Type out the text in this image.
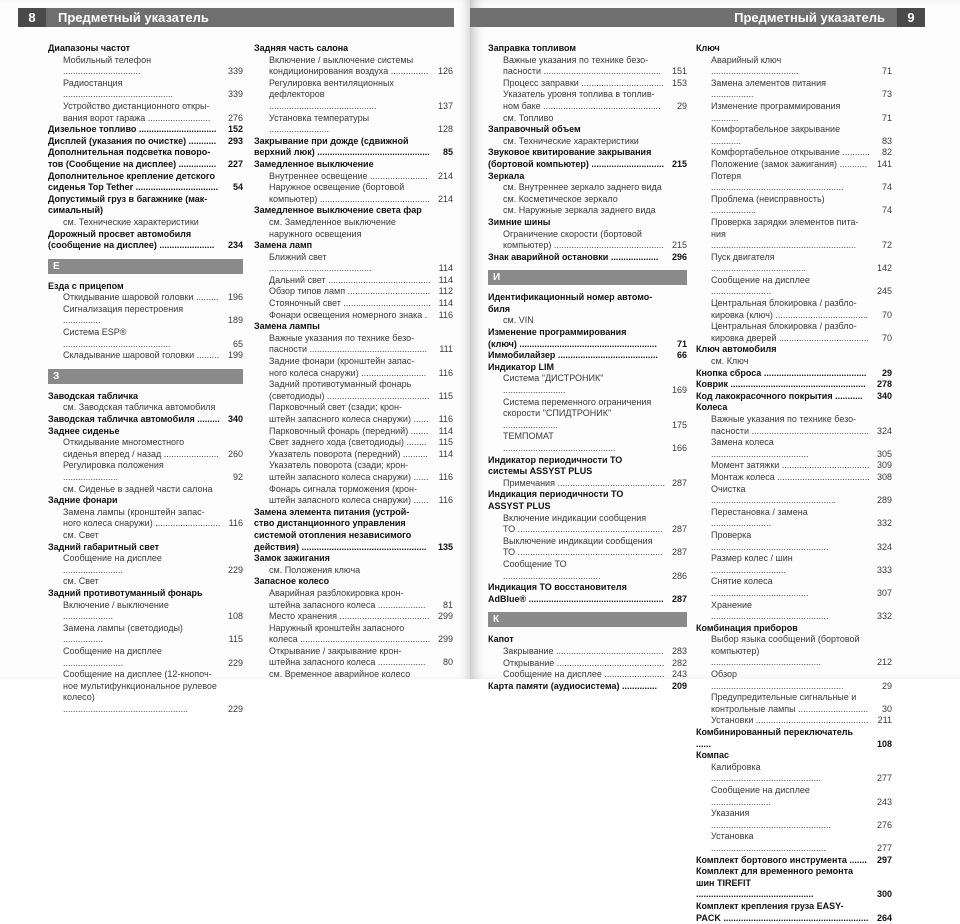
8	Предметный указатель
Диапазоны частот
Мобильный телефон ...............................	339
Радиостанция ............................................	339
Устройство дистанционного откры-
вания ворот гаража .........................	276
Дизельное топливо ...............................	152
Дисплей (указания по очистке) ...........	293
Дополнительная подсветка поворо-
тов (Сообщение на дисплее) ...............	227
Дополнительное крепление детского
сиденья Top Tether .................................	54
Допустимый груз в багажнике (мак-
симальный)
см. Технические характеристики
Дорожный просвет автомобиля
(сообщение на дисплее) ......................	234
Е
Езда с прицепом
Откидывание шаровой головки .........	196
Сигнализация перестроения ...............	189
Система ESP® ...........................................	65
Складывание шаровой головки ......... 199
З
Заводская табличка
см. Заводская табличка автомобиля
Заводская табличка автомобиля ......... 340
Заднее сиденье
Откидывание многоместного
сиденья вперед / назад ......................	260
Регулировка положения ......................	92
см. Сиденье в задней части салона
Задние фонари
Замена лампы (кронштейн запас-
ного колеса снаружи) .......................... 116
см. Свет
Задний габаритный свет
Сообщение на дисплее ........................	229
см. Свет
Задний противотуманный фонарь
Включение / выключение ....................	108
Замена лампы (светодиоды) ................	115
Сообщение на дисплее ........................	229
Сообщение на дисплее (12-кнопоч-
ное мультифункциональное рулевое
колесо) ..................................................	229
Задняя часть салона
Включение / выключение системы
кондиционирования воздуха ...............	126
Регулировка вентиляционных
дефлекторов ...........................................	137
Установка температуры ........................	128
Закрывание при дожде (сдвижной
верхний люк) .............................................	85
Замедленное выключение
Внутреннее освещение .......................	214
Наружное освещение (бортовой
компьютер) ............................................ 214
Замедленное выключение света фар
см. Замедленное выключение
наружного освещения
Замена ламп
Ближний свет .........................................	114
Дальний свет ......................................... 114
Обзор типов ламп ................................. 112
Стояночный свет ................................... 114
Фонари освещения номерного знака .	116
Замена лампы
Важные указания по технике безо-
пасности ...............................................	111
Задние фонари (кронштейн запас-
ного колеса снаружи) ..........................	116
Задний противотуманный фонарь
(светодиоды) .........................................	115
Парковочный свет (сзади; крон-
штейн запасного колеса снаружи) ......	116
Парковочный фонарь (передний) .......	114
Свет заднего хода (светодиоды) ........	115
Указатель поворота (передний) ..........	114
Указатель поворота (сзади; крон-
штейн запасного колеса снаружи) ......	116
Фонарь сигнала торможения (крон-
штейн запасного колеса снаружи) ......	116
Замена элемента питания (устрой-
ство дистанционного управления
системой отопления независимого
действия) ..................................................	135
Замок зажигания
см. Положения ключа
Запасное колесо
Аварийная разблокировка крон-
штейна запасного колеса ...................	81
Место хранения .................................... 299
Наружный кронштейн запасного
колеса .................................................... 299
Открывание / закрывание крон-
штейна запасного колеса ...................	80
см. Временное аварийное колесо
Предметный указатель	9
Заправка топливом
Важные указания по технике безо-
пасности ...............................................	151
Процесс заправки ................................. 153
Указатель уровня топлива в топлив-
ном баке ...............................................	29
см. Топливо
Заправочный объем
см. Технические характеристики
Звуковое квитирование закрывания
(бортовой компьютер) ............................. 215
Зеркала
см. Внутреннее зеркало заднего вида
см. Косметическое зеркало
см. Наружные зеркала заднего вида
Зимние шины
Ограничение скорости (бортовой
компьютер) ............................................ 215
Знак аварийной остановки ...................	296
И
Идентификационный номер автомо-
биля
см. VIN
Изменение программирования
(ключ) .......................................................	71
Иммобилайзер ........................................	66
Индикатор LIM
Система "ДИСТРОНИК" .........................	169
Система переменного ограничения
скорости "СПИДТРОНИК" ......................	175
ТЕМПОМАТ .............................................	166
Индикатор периодичности ТО
системы ASSYST PLUS
Примечания ........................................... 287
Индикация периодичности ТО
ASSYST PLUS
Включение индикации сообщения
ТО ..........................................................	287
Выключение индикации сообщения
ТО ..........................................................	287
Сообщение ТО .......................................	286
Индикация ТО восстановителя
AdBlue® ...................................................... 287
К
Капот
Закрывание ........................................... 283
Открывание ........................................... 282
Сообщение на дисплее ........................ 243
Карта памяти (аудиосистема) ..............	209
Ключ
Аварийный ключ ...................................	71
Замена элементов питания .................	73
Изменение программирования ...........	71
Комфортабельное закрывание ............	83
Комфортабельное открывание ...........	82
Положение (замок зажигания) ...........	141
Потеря .....................................................	74
Проблема (неисправность) ..................	74
Проверка зарядки элементов пита-
ния ..........................................................	72
Пуск двигателя ......................................	142
Сообщение на дисплее ........................	245
Центральная блокировка / разбло-
кировка (ключ) .....................................	70
Центральная блокировка / разбло-
кировка дверей ....................................	70
Ключ автомобиля
см. Ключ
Кнопка сброса .........................................	29
Коврик ......................................................	278
Код лакокрасочного покрытия ...........	340
Колеса
Важные указания по технике безо-
пасности ............................................... 324
Замена колеса .......................................	305
Момент затяжки ................................... 309
Монтаж колеса ..................................... 308
Очистка ..................................................	289
Перестановка / замена ........................	332
Проверка ...............................................	324
Размер колес / шин ..............................	333
Снятие колеса .......................................	307
Хранение ...............................................	332
Комбинация приборов
Выбор языка сообщений (бортовой
компьютер) ............................................	212
Обзор .....................................................	29
Предупредительные сигнальные и
контрольные лампы ............................	30
Установки .............................................	211
Комбинированный переключатель ......	108
Компас
Калибровка ............................................	277
Сообщение на дисплее ........................	243
Указания ................................................	276
Установка ..............................................	277
Комплект бортового инструмента .......	297
Комплект для временного ремонта
шин TIREFIT ...............................................	300
Комплект крепления груза EASY-
PACK .......................................................... 264
